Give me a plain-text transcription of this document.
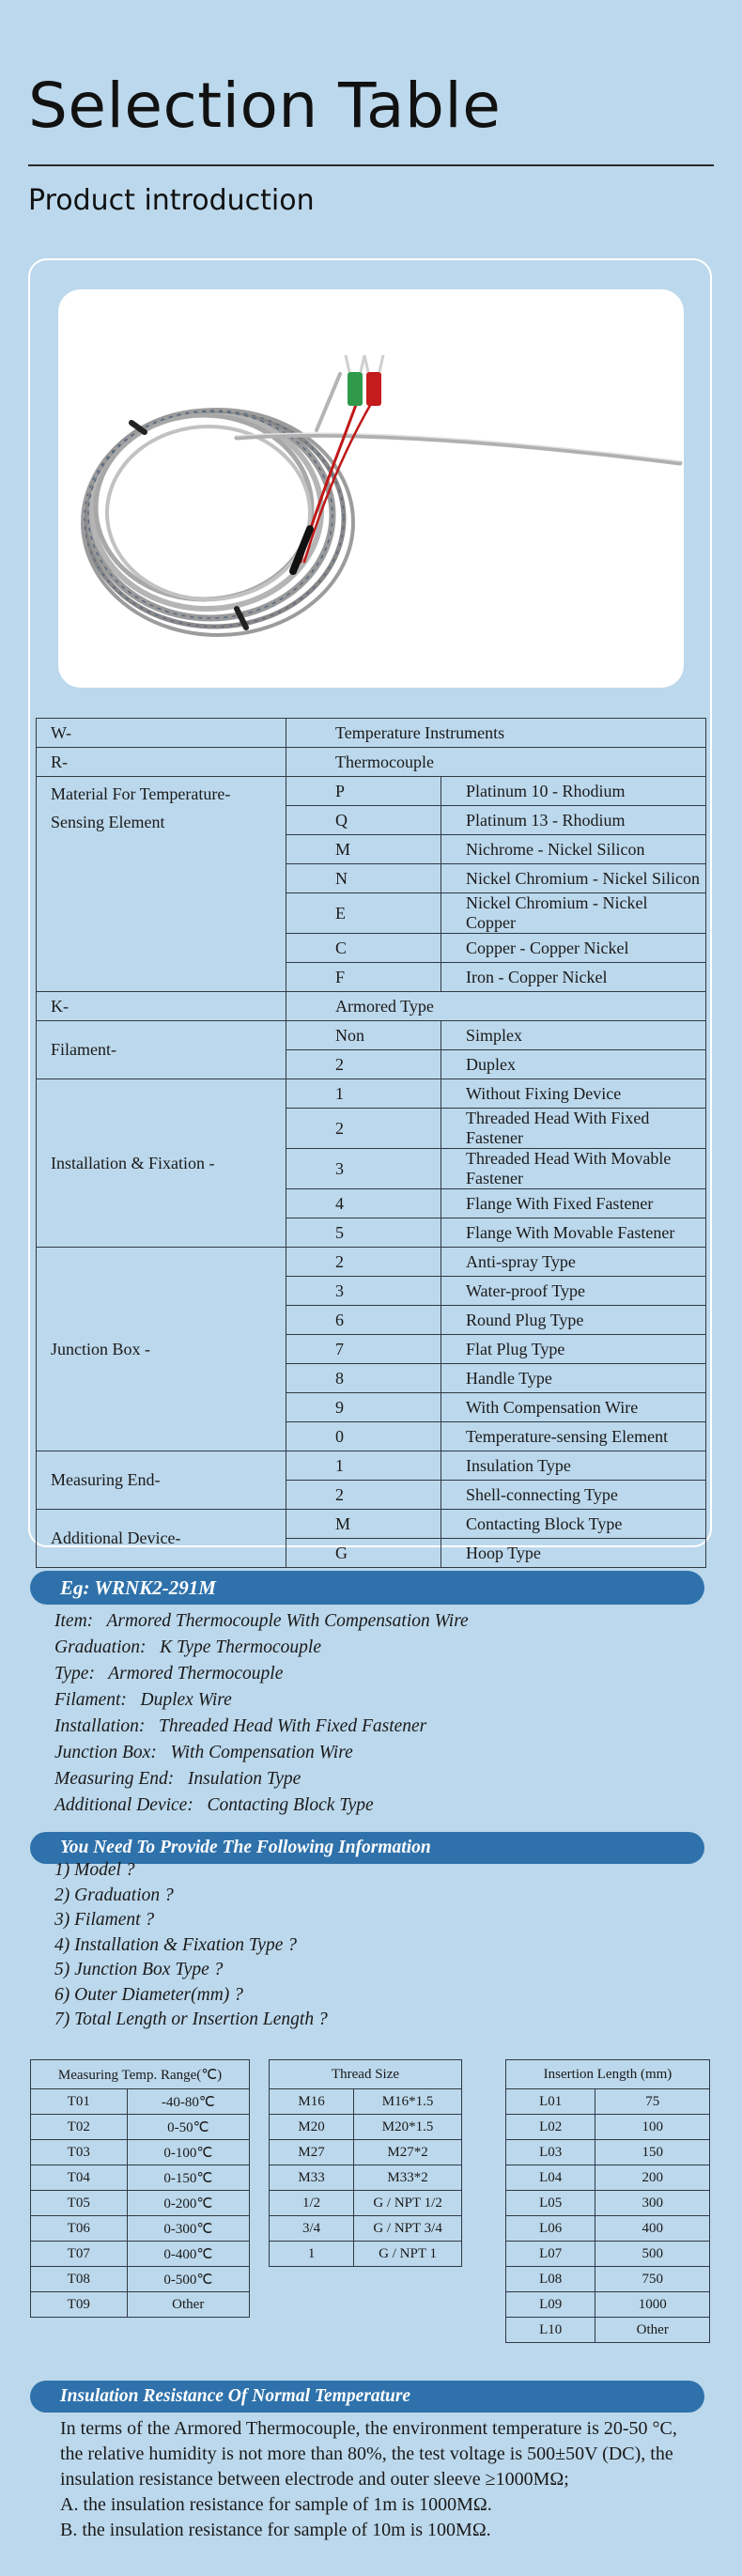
Selection Table
Product introduction
W-	Temperature Instruments	
R-	Thermocouple	
Material For Temperature- Sensing Element	P	Platinum 10 - Rhodium
	Q	Platinum 13 - Rhodium
	M	Nichrome - Nickel Silicon
	N	Nickel Chromium - Nickel Silicon
	E	Nickel Chromium - Nickel Copper
	C	Copper - Copper Nickel
	F	Iron - Copper Nickel
K-	Armored Type	
Filament-	Non	Simplex
	2	Duplex
Installation & Fixation -	1	Without Fixing Device
	2	Threaded Head With Fixed Fastener
	3	Threaded Head With Movable Fastener
	4	Flange With Fixed Fastener
	5	Flange With Movable Fastener
Junction Box -	2	Anti-spray Type
	3	Water-proof Type
	6	Round Plug Type
	7	Flat Plug Type
	8	Handle Type
	9	With Compensation Wire
	0	Temperature-sensing Element
Measuring End-	1	Insulation Type
	2	Shell-connecting Type
Additional Device-	M	Contacting Block Type
	G	Hoop Type
Eg: WRNK2-291M
Item: Armored Thermocouple With Compensation Wire
Graduation: K Type Thermocouple
Type: Armored Thermocouple
Filament: Duplex Wire
Installation: Threaded Head With Fixed Fastener
Junction Box: With Compensation Wire
Measuring End: Insulation Type
Additional Device: Contacting Block Type
You Need To Provide The Following Information
1) Model ?
2) Graduation ?
3) Filament ?
4) Installation & Fixation Type ?
5) Junction Box Type ?
6) Outer Diameter(mm) ?
7) Total Length or Insertion Length ?
Measuring Temp. Range(℃)	
T01	-40-80℃
T02	0-50℃
T03	0-100℃
T04	0-150℃
T05	0-200℃
T06	0-300℃
T07	0-400℃
T08	0-500℃
T09	Other
Thread Size	
M16	M16*1.5
M20	M20*1.5
M27	M27*2
M33	M33*2
1/2	G / NPT 1/2
3/4	G / NPT 3/4
1	G / NPT 1
Insertion Length (mm)	
L01	75
L02	100
L03	150
L04	200
L05	300
L06	400
L07	500
L08	750
L09	1000
L10	Other
Insulation Resistance Of Normal Temperature
In terms of the Armored Thermocouple, the environment temperature is 20-50 °C, the relative humidity is not more than 80%, the test voltage is 500±50V (DC), the insulation resistance between electrode and outer sleeve ≥1000MΩ;
A. the insulation resistance for sample of 1m is 1000MΩ.
B. the insulation resistance for sample of 10m is 100MΩ.
